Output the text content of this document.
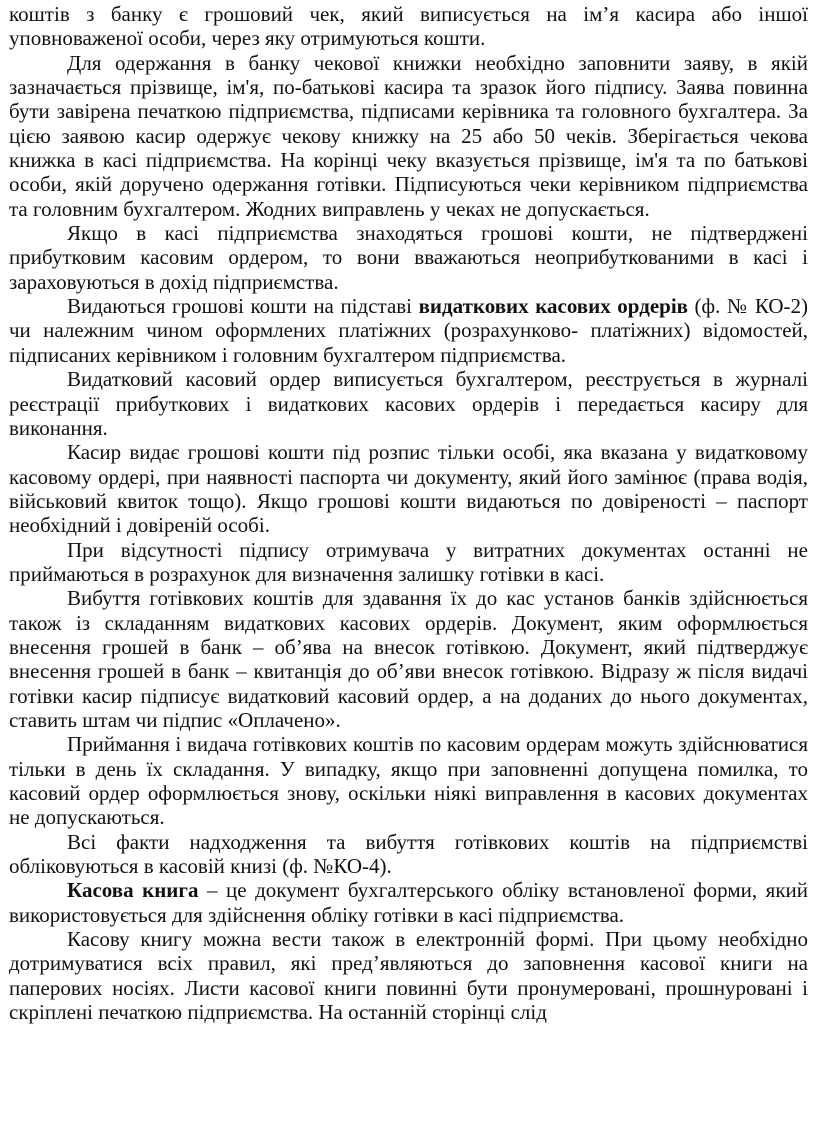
коштів з банку є грошовий чек, який виписується на ім’я касира або іншої уповноваженої особи, через яку отримуються кошти.

Для одержання в банку чекової книжки необхідно заповнити заяву, в якій зазначається прізвище, ім'я, по-батькові касира та зразок його підпису. Заява повинна бути завірена печаткою підприємства, підписами керівника та головного бухгалтера. За цією заявою касир одержує чекову книжку на 25 або 50 чеків. Зберігається чекова книжка в касі підприємства. На корінці чеку вказується прізвище, ім'я та по батькові особи, якій доручено одержання готівки. Підписуються чеки керівником підприємства та головним бухгалтером. Жодних виправлень у чеках не допускається.

Якщо в касі підприємства знаходяться грошові кошти, не підтверджені прибутковим касовим ордером, то вони вважаються неоприбуткованими в касі і зараховуються в дохід підприємства.

Видаються грошові кошти на підставі видаткових касових ордерів (ф. № КО-2) чи належним чином оформлених платіжних (розрахунково- платіжних) відомостей, підписаних керівником і головним бухгалтером підприємства.

Видатковий касовий ордер виписується бухгалтером, реєструється в журналі реєстрації прибуткових і видаткових касових ордерів і передається касиру для виконання.

Касир видає грошові кошти під розпис тільки особі, яка вказана у видатковому касовому ордері, при наявності паспорта чи документу, який його замінює (права водія, військовий квиток тощо). Якщо грошові кошти видаються по довіреності – паспорт необхідний і довіреній особі.

При відсутності підпису отримувача у витратних документах останні не приймаються в розрахунок для визначення залишку готівки в касі.

Вибуття готівкових коштів для здавання їх до кас установ банків здійснюється також із складанням видаткових касових ордерів. Документ, яким оформлюється внесення грошей в банк – об’ява на внесок готівкою. Документ, який підтверджує внесення грошей в банк – квитанція до об’яви внесок готівкою. Відразу ж після видачі готівки касир підписує видатковий касовий ордер, а на доданих до нього документах, ставить штам чи підпис «Оплачено».

Приймання і видача готівкових коштів по касовим ордерам можуть здійснюватися тільки в день їх складання. У випадку, якщо при заповненні допущена помилка, то касовий ордер оформлюється знову, оскільки ніякі виправлення в касових документах не допускаються.

Всі факти надходження та вибуття готівкових коштів на підприємстві обліковуються в касовій книзі (ф. №КО-4).

Касова книга – це документ бухгалтерського обліку встановленої форми, який використовується для здійснення обліку готівки в касі підприємства.

Касову книгу можна вести також в електронній формі. При цьому необхідно дотримуватися всіх правил, які пред’являються до заповнення касової книги на паперових носіях. Листи касової книги повинні бути пронумеровані, прошнуровані і скріплені печаткою підприємства. На останній сторінці слід
